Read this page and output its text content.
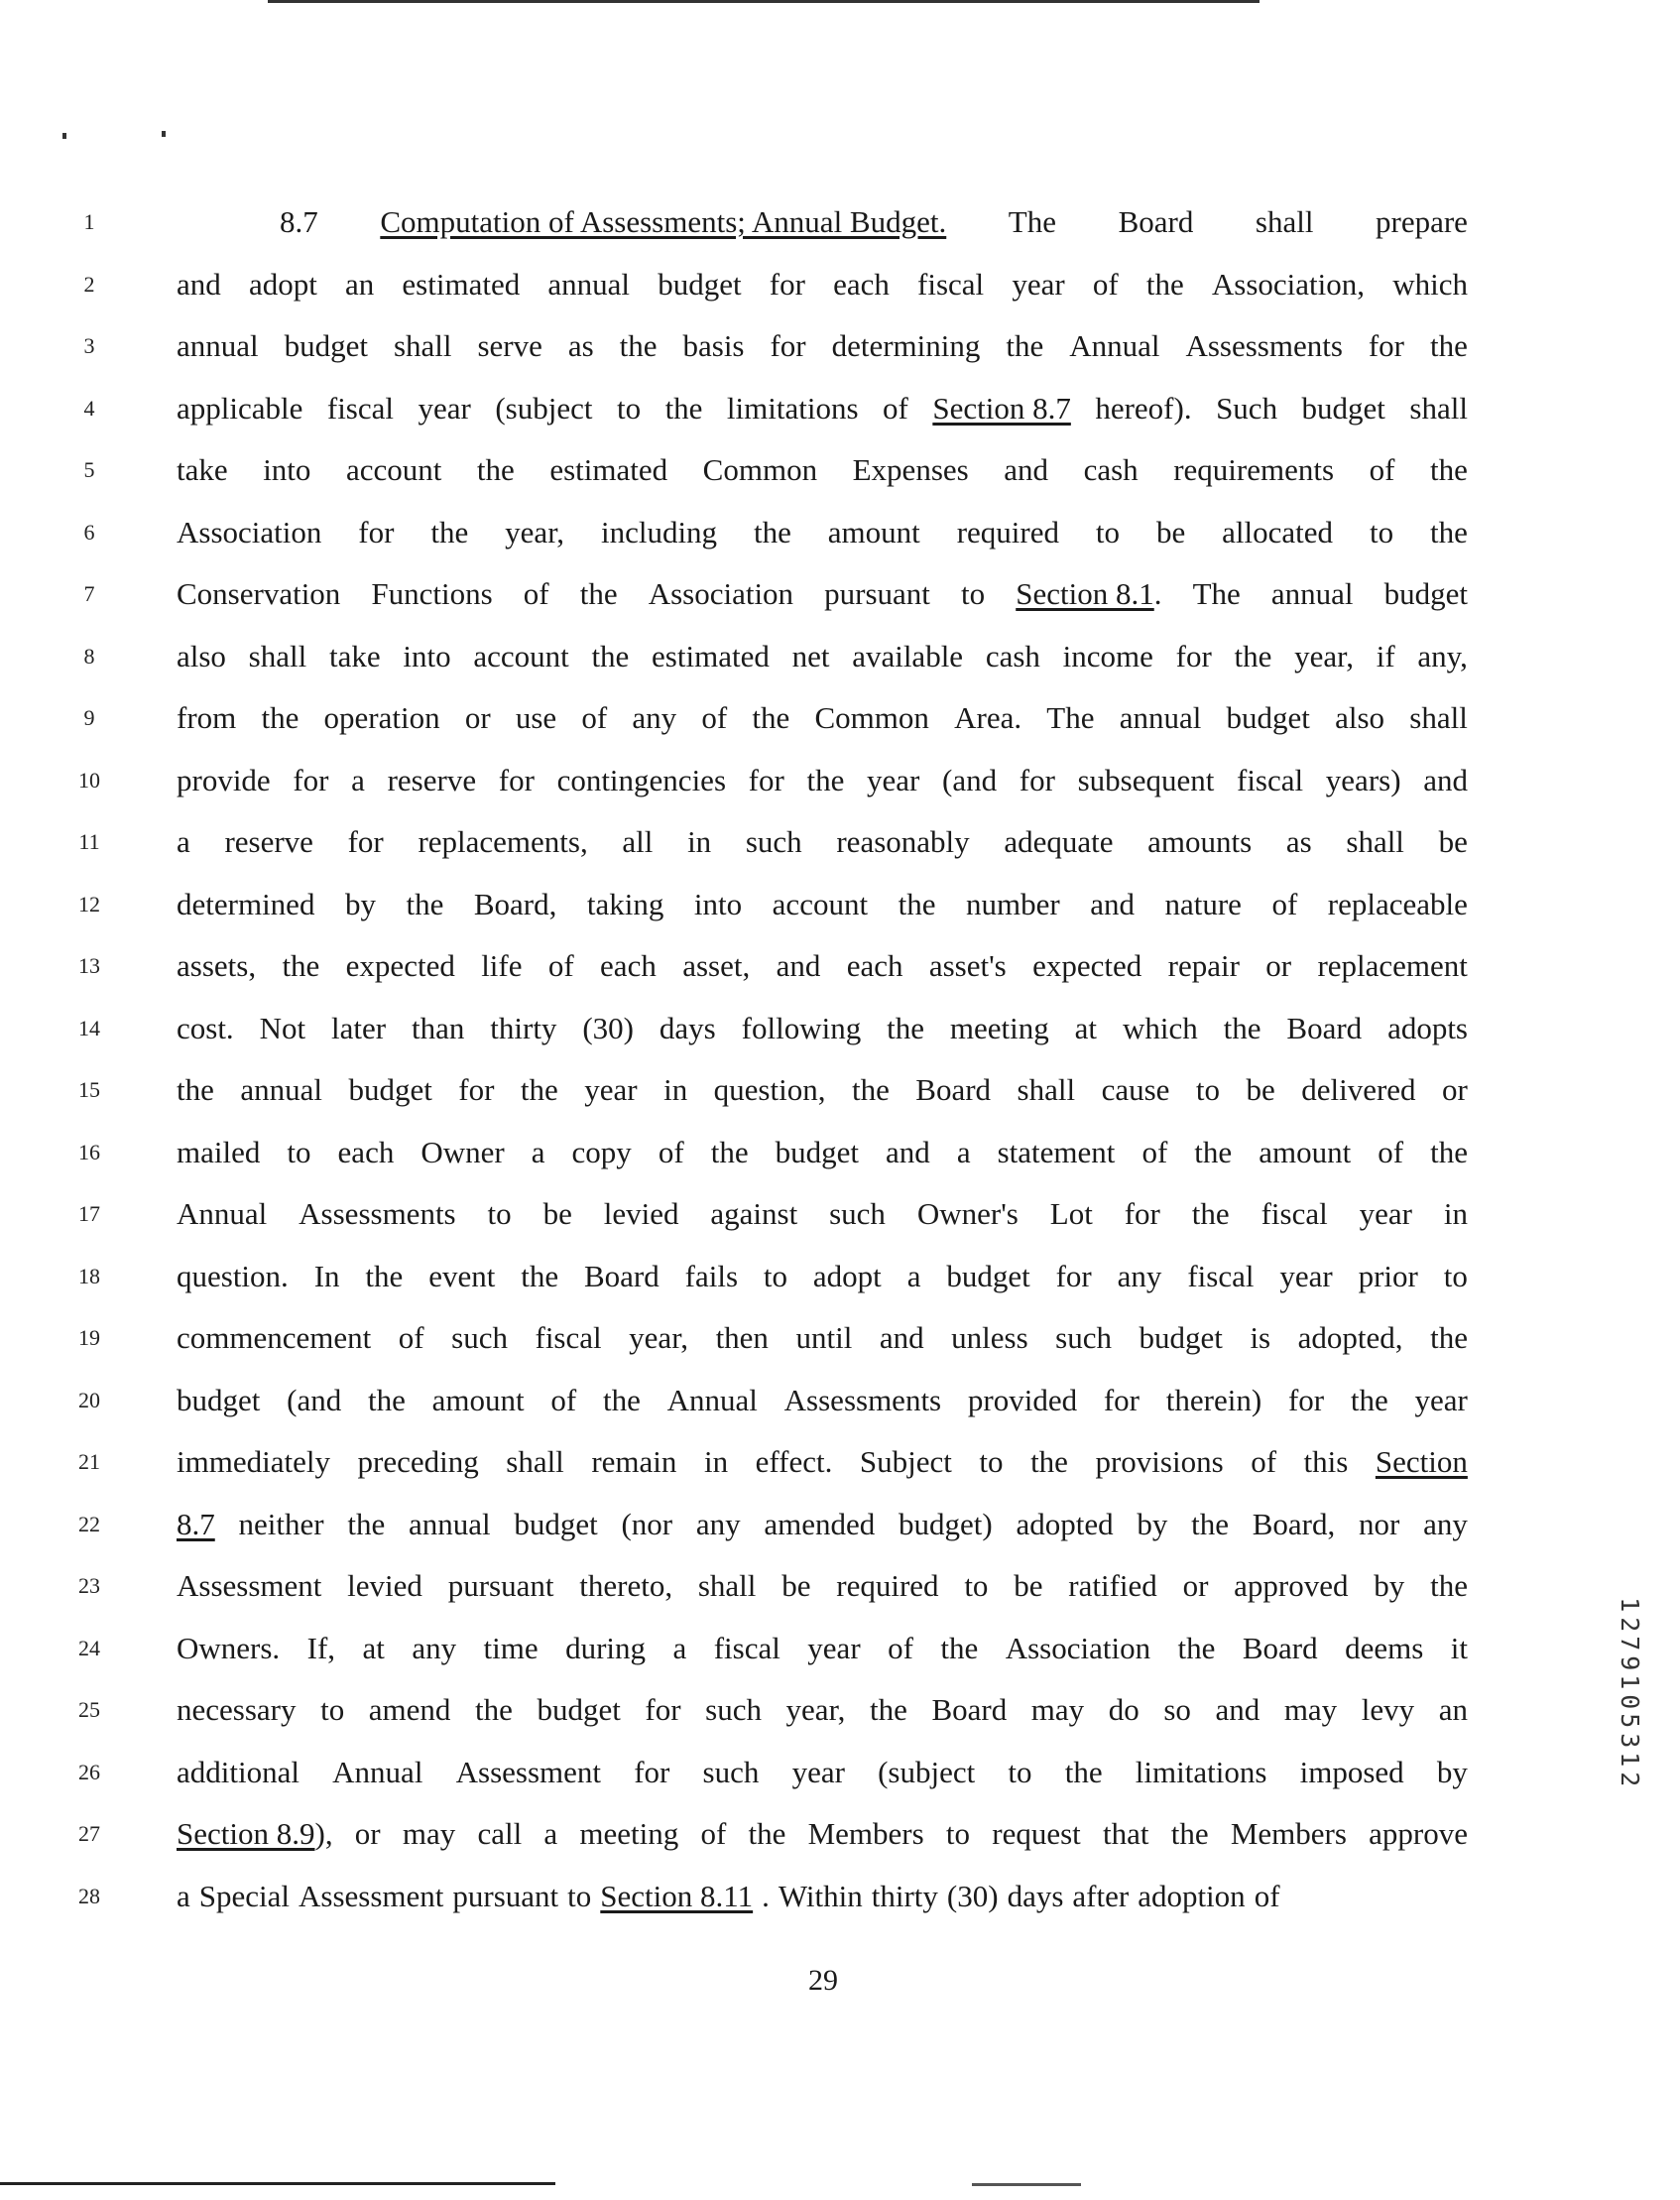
1
2
3
4
5
6
7
8
9
10
11
12
13
14
15
16
17
18
19
20
21
22
23
24
25
26
27
28
8.7 Computation of Assessments; Annual Budget. The Board shall prepare
and adopt an estimated annual budget for each fiscal year of the Association, which
annual budget shall serve as the basis for determining the Annual Assessments for the
applicable fiscal year (subject to the limitations of Section 8.7 hereof). Such budget shall
take into account the estimated Common Expenses and cash requirements of the
Association for the year, including the amount required to be allocated to the
Conservation Functions of the Association pursuant to Section 8.1. The annual budget
also shall take into account the estimated net available cash income for the year, if any,
from the operation or use of any of the Common Area. The annual budget also shall
provide for a reserve for contingencies for the year (and for subsequent fiscal years) and
a reserve for replacements, all in such reasonably adequate amounts as shall be
determined by the Board, taking into account the number and nature of replaceable
assets, the expected life of each asset, and each asset's expected repair or replacement
cost. Not later than thirty (30) days following the meeting at which the Board adopts
the annual budget for the year in question, the Board shall cause to be delivered or
mailed to each Owner a copy of the budget and a statement of the amount of the
Annual Assessments to be levied against such Owner's Lot for the fiscal year in
question. In the event the Board fails to adopt a budget for any fiscal year prior to
commencement of such fiscal year, then until and unless such budget is adopted, the
budget (and the amount of the Annual Assessments provided for therein) for the year
immediately preceding shall remain in effect. Subject to the provisions of this Section
8.7 neither the annual budget (nor any amended budget) adopted by the Board, nor any
Assessment levied pursuant thereto, shall be required to be ratified or approved by the
Owners. If, at any time during a fiscal year of the Association the Board deems it
necessary to amend the budget for such year, the Board may do so and may levy an
additional Annual Assessment for such year (subject to the limitations imposed by
Section 8.9), or may call a meeting of the Members to request that the Members approve
a Special Assessment pursuant to Section 8.11 . Within thirty (30) days after adoption of
29
1
2
7
9
1
0
5
3
1
2
